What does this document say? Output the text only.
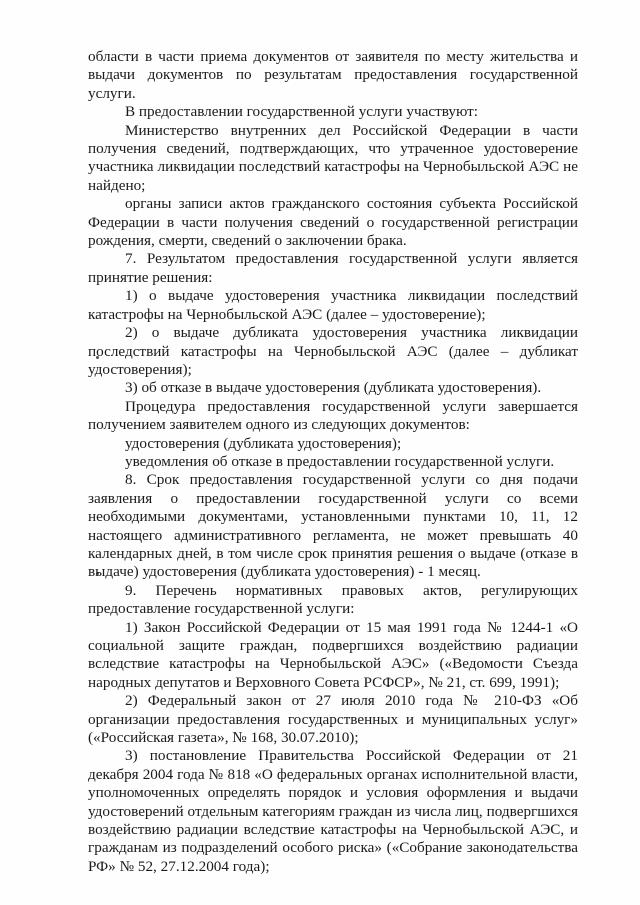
области в части приема документов от заявителя по месту жительства и выдачи документов по результатам предоставления государственной услуги.

В предоставлении государственной услуги участвуют:

Министерство внутренних дел Российской Федерации в части получения сведений, подтверждающих, что утраченное удостоверение участника ликвидации последствий катастрофы на Чернобыльской АЭС не найдено;

органы записи актов гражданского состояния субъекта Российской Федерации в части получения сведений о государственной регистрации рождения, смерти, сведений о заключении брака.

7. Результатом предоставления государственной услуги является принятие решения:

1) о выдаче удостоверения участника ликвидации последствий катастрофы на Чернобыльской АЭС (далее – удостоверение);

2) о выдаче дубликата удостоверения участника ликвидации последствий катастрофы на Чернобыльской АЭС (далее – дубликат удостоверения);

3) об отказе в выдаче удостоверения (дубликата удостоверения).

Процедура предоставления государственной услуги завершается получением заявителем одного из следующих документов:

удостоверения (дубликата удостоверения);

уведомления об отказе в предоставлении государственной услуги.

8. Срок предоставления государственной услуги со дня подачи заявления о предоставлении государственной услуги со всеми необходимыми документами, установленными пунктами 10, 11, 12 настоящего административного регламента, не может превышать 40 календарных дней, в том числе срок принятия решения о выдаче (отказе в выдаче) удостоверения (дубликата удостоверения) - 1 месяц.

9. Перечень нормативных правовых актов, регулирующих предоставление государственной услуги:

1) Закон Российской Федерации от 15 мая 1991 года № 1244-1 «О социальной защите граждан, подвергшихся воздействию радиации вследствие катастрофы на Чернобыльской АЭС» («Ведомости Съезда народных депутатов и Верховного Совета РСФСР», № 21, ст. 699, 1991);

2) Федеральный закон от 27 июля 2010 года № 210-ФЗ «Об организации предоставления государственных и муниципальных услуг» («Российская газета», № 168, 30.07.2010);

3) постановление Правительства Российской Федерации от 21 декабря 2004 года № 818 «О федеральных органах исполнительной власти, уполномоченных определять порядок и условия оформления и выдачи удостоверений отдельным категориям граждан из числа лиц, подвергшихся воздействию радиации вследствие катастрофы на Чернобыльской АЭС, и гражданам из подразделений особого риска» («Собрание законодательства РФ» № 52, 27.12.2004 года);
